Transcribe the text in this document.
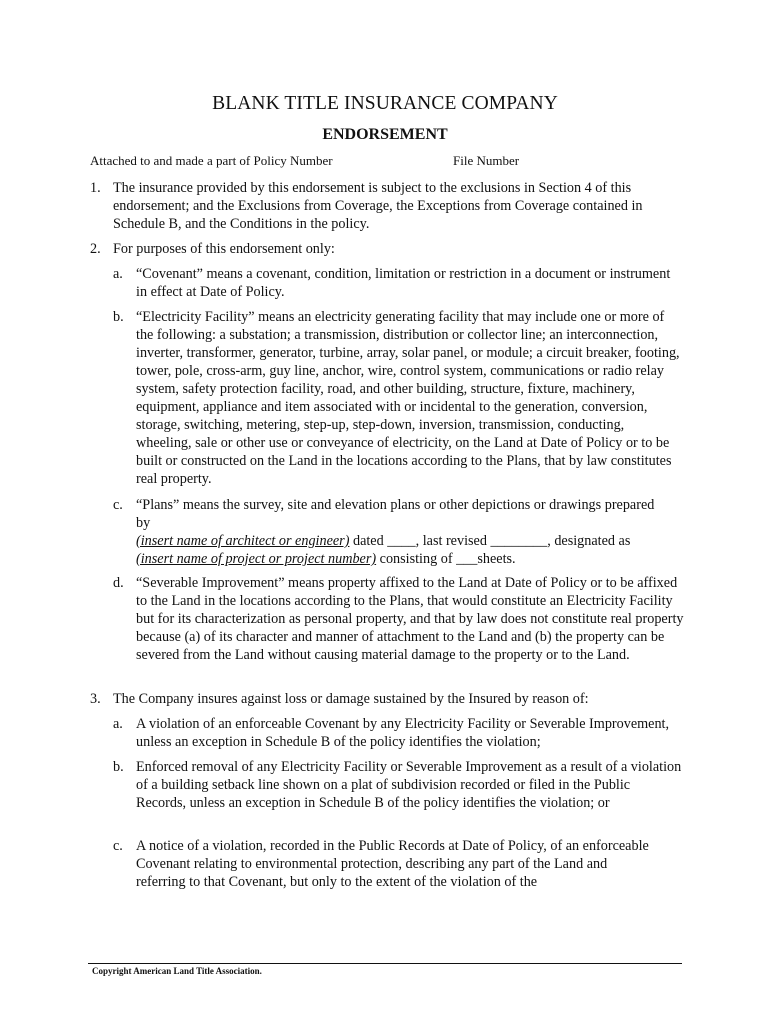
BLANK TITLE INSURANCE COMPANY
ENDORSEMENT
Attached to and made a part of Policy Number	File Number
1. The insurance provided by this endorsement is subject to the exclusions in Section 4 of this endorsement; and the Exclusions from Coverage, the Exceptions from Coverage contained in Schedule B, and the Conditions in the policy.
2. For purposes of this endorsement only:
a. “Covenant” means a covenant, condition, limitation or restriction in a document or instrument in effect at Date of Policy.
b. “Electricity Facility” means an electricity generating facility that may include one or more of the following: a substation; a transmission, distribution or collector line; an interconnection, inverter, transformer, generator, turbine, array, solar panel, or module; a circuit breaker, footing, tower, pole, cross-arm, guy line, anchor, wire, control system, communications or radio relay system, safety protection facility, road, and other building, structure, fixture, machinery, equipment, appliance and item associated with or incidental to the generation, conversion, storage, switching, metering, step-up, step-down, inversion, transmission, conducting, wheeling, sale or other use or conveyance of electricity, on the Land at Date of Policy or to be built or constructed on the Land in the locations according to the Plans, that by law constitutes real property.
c. “Plans” means the survey, site and elevation plans or other depictions or drawings prepared by
(insert name of architect or engineer) dated ____, last revised ________, designated as
(insert name of project or project number) consisting of ___sheets.
d. “Severable Improvement” means property affixed to the Land at Date of Policy or to be affixed to the Land in the locations according to the Plans, that would constitute an Electricity Facility but for its characterization as personal property, and that by law does not constitute real property because (a) of its character and manner of attachment to the Land and (b) the property can be severed from the Land without causing material damage to the property or to the Land.
3. The Company insures against loss or damage sustained by the Insured by reason of:
a. A violation of an enforceable Covenant by any Electricity Facility or Severable Improvement, unless an exception in Schedule B of the policy identifies the violation;
b. Enforced removal of any Electricity Facility or Severable Improvement as a result of a violation of a building setback line shown on a plat of subdivision recorded or filed in the Public Records, unless an exception in Schedule B of the policy identifies the violation; or
c. A notice of a violation, recorded in the Public Records at Date of Policy, of an enforceable Covenant relating to environmental protection, describing any part of the Land and referring to that Covenant, but only to the extent of the violation of the
Copyright American Land Title Association.
